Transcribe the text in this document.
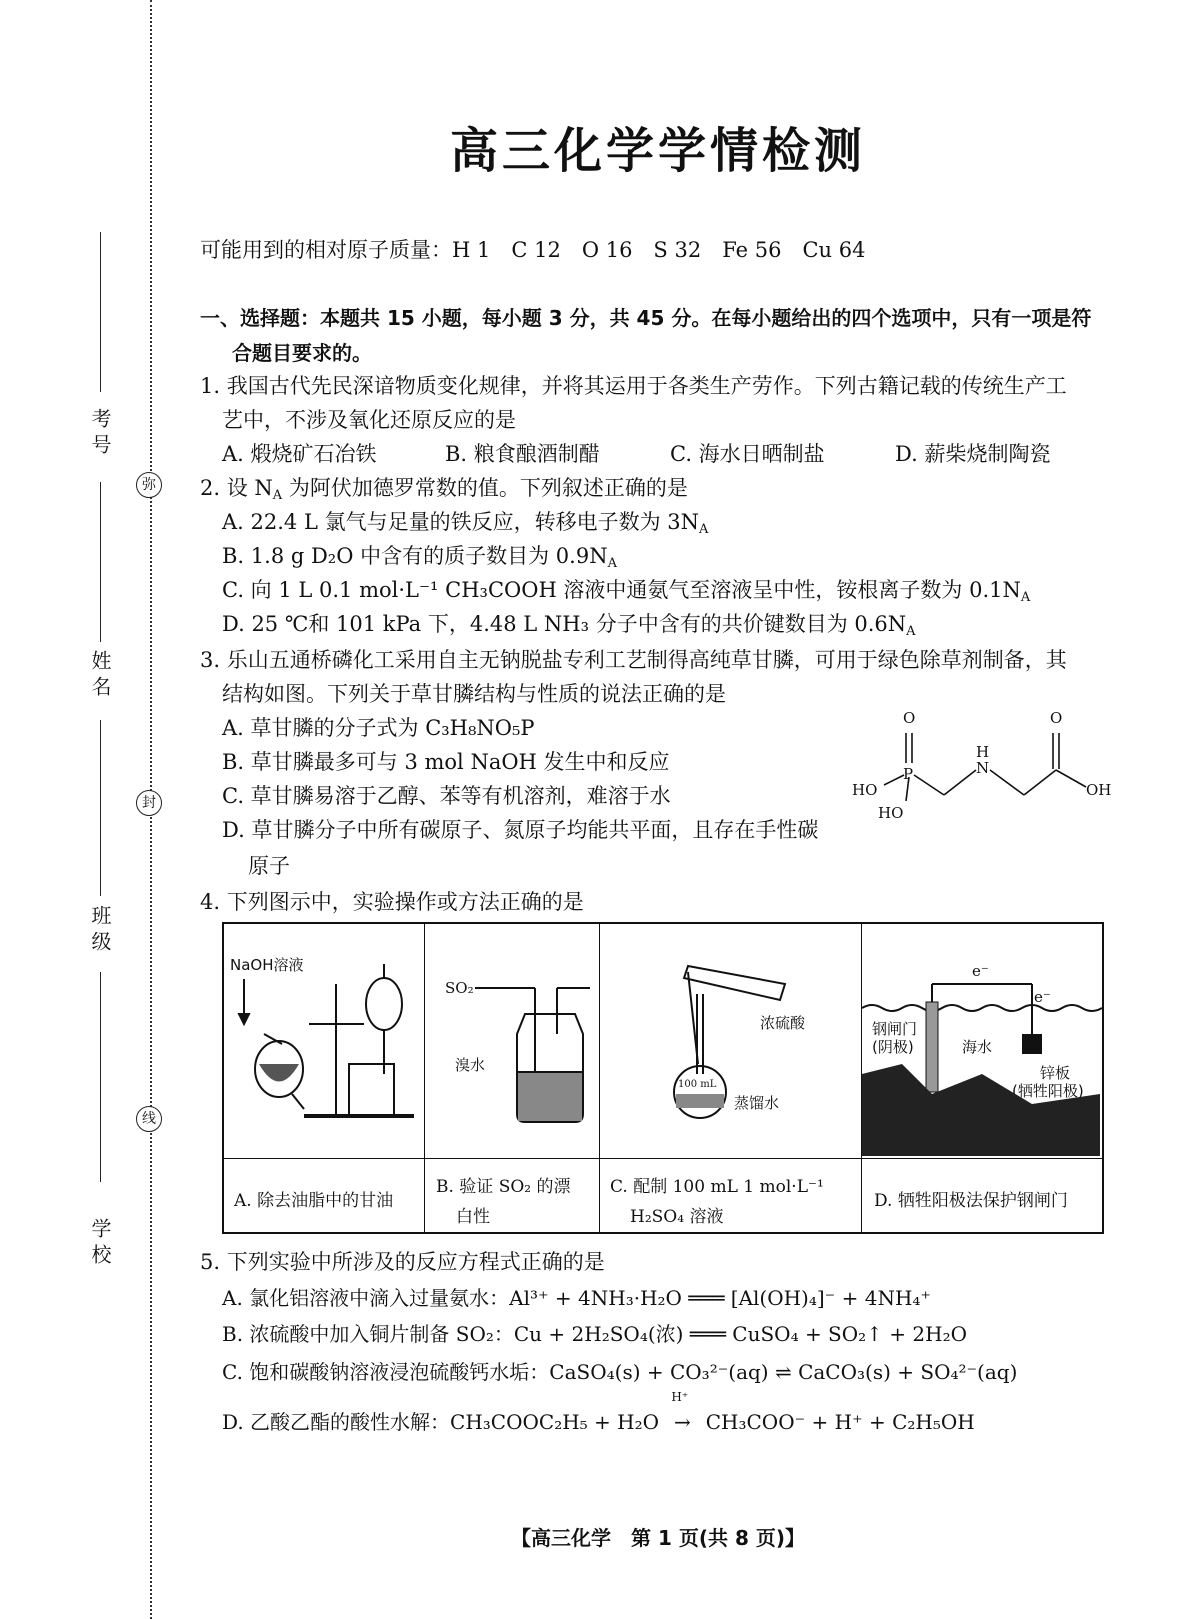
考号
姓名
班级
学校
弥
封
线
高三化学学情检测
可能用到的相对原子质量：H 1　C 12　O 16　S 32　Fe 56　Cu 64
一、选择题：本题共 15 小题，每小题 3 分，共 45 分。在每小题给出的四个选项中，只有一项是符
合题目要求的。
1. 我国古代先民深谙物质变化规律，并将其运用于各类生产劳作。下列古籍记载的传统生产工
艺中，不涉及氧化还原反应的是
A. 煅烧矿石冶铁	B. 粮食酿酒制醋	C. 海水日晒制盐	D. 薪柴烧制陶瓷
2. 设 $N_A$ 为阿伏加德罗常数的值。下列叙述正确的是
A. 22.4 L 氯气与足量的铁反应，转移电子数为 $3N_A$
B. 1.8 g D₂O 中含有的质子数目为 $0.9N_A$
C. 向 1 L 0.1 mol·L⁻¹ CH₃COOH 溶液中通氨气至溶液呈中性，铵根离子数为 $0.1N_A$
D. 25 ℃和 101 kPa 下，4.48 L NH₃ 分子中含有的共价键数目为 $0.6N_A$
3. 乐山五通桥磷化工采用自主无钠脱盐专利工艺制得高纯草甘膦，可用于绿色除草剂制备，其
结构如图。下列关于草甘膦结构与性质的说法正确的是
A. 草甘膦的分子式为 C₃H₈NO₅P
B. 草甘膦最多可与 3 mol NaOH 发生中和反应
C. 草甘膦易溶于乙醇、苯等有机溶剂，难溶于水
D. 草甘膦分子中所有碳原子、氮原子均能共平面，且存在手性碳
原子
O	O
P
H
N
HO
HO
OH
4. 下列图示中，实验操作或方法正确的是
NaOH溶液
SO₂
溴水
浓硫酸
100 mL
蒸馏水
e⁻
e⁻
钢闸门
(阴极)	海水
锌板
(牺牲阳极)
A. 除去油脂中的甘油
B. 验证 SO₂ 的漂
白性
C. 配制 100 mL 1 mol·L⁻¹
H₂SO₄ 溶液
D. 牺牲阳极法保护钢闸门
5. 下列实验中所涉及的反应方程式正确的是
A. 氯化铝溶液中滴入过量氨水：Al³⁺ + 4NH₃·H₂O ═══ [Al(OH)₄]⁻ + 4NH₄⁺
B. 浓硫酸中加入铜片制备 SO₂：Cu + 2H₂SO₄(浓) ═══ CuSO₄ + SO₂↑ + 2H₂O
C. 饱和碳酸钠溶液浸泡硫酸钙水垢：CaSO₄(s) + CO₃²⁻(aq) ⇌ CaCO₃(s) + SO₄²⁻(aq)
D. 乙酸乙酯的酸性水解：CH₃COOC₂H₅ + H₂O
H⁺
→ CH₃COO⁻ + H⁺ + C₂H₅OH
【高三化学　第 1 页(共 8 页)】
